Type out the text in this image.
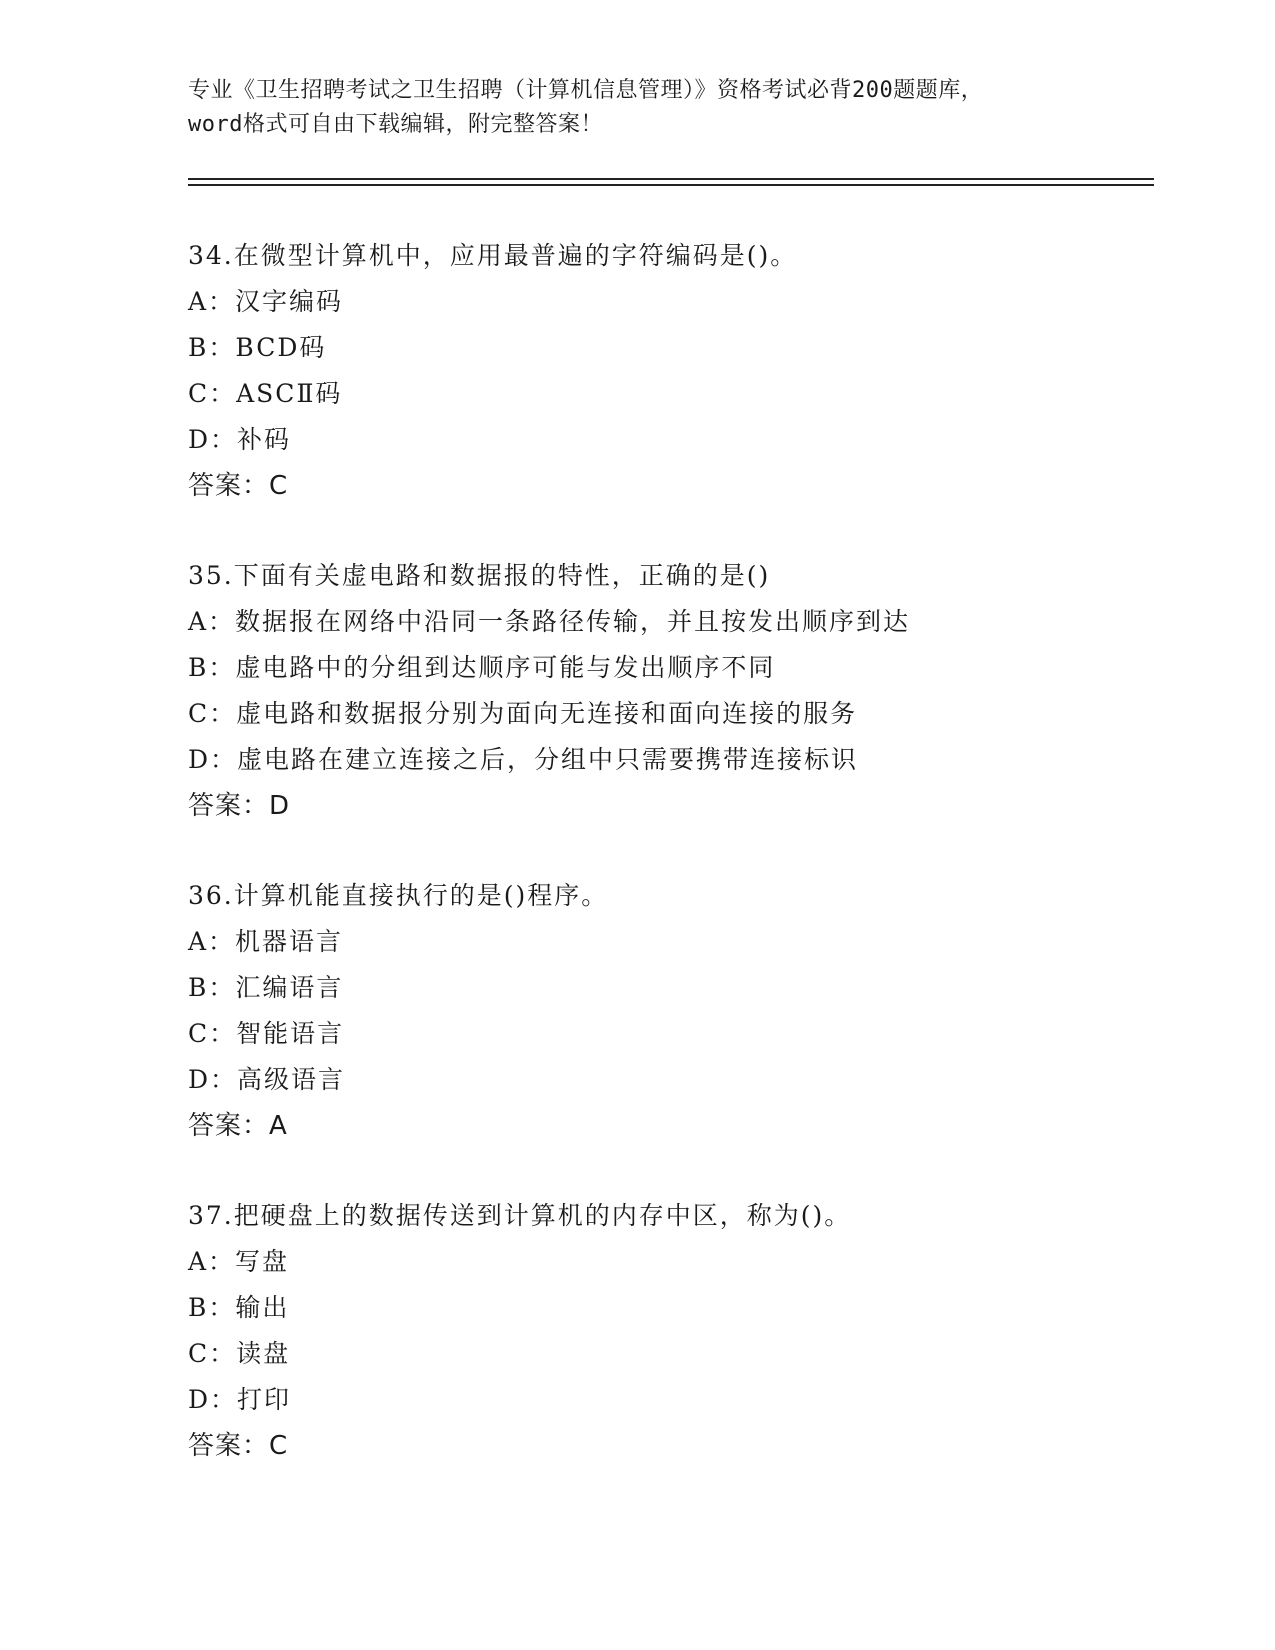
专业《卫生招聘考试之卫生招聘（计算机信息管理）》资格考试必背200题题库，
word格式可自由下载编辑，附完整答案！
34.在微型计算机中，应用最普遍的字符编码是()。
A：汉字编码
B：BCD码
C：ASCⅡ码
D：补码
答案：C
35.下面有关虚电路和数据报的特性，正确的是()
A：数据报在网络中沿同一条路径传输，并且按发出顺序到达
B：虚电路中的分组到达顺序可能与发出顺序不同
C：虚电路和数据报分别为面向无连接和面向连接的服务
D：虚电路在建立连接之后，分组中只需要携带连接标识
答案：D
36.计算机能直接执行的是()程序。
A：机器语言
B：汇编语言
C：智能语言
D：高级语言
答案：A
37.把硬盘上的数据传送到计算机的内存中区，称为()。
A：写盘
B：输出
C：读盘
D：打印
答案：C
